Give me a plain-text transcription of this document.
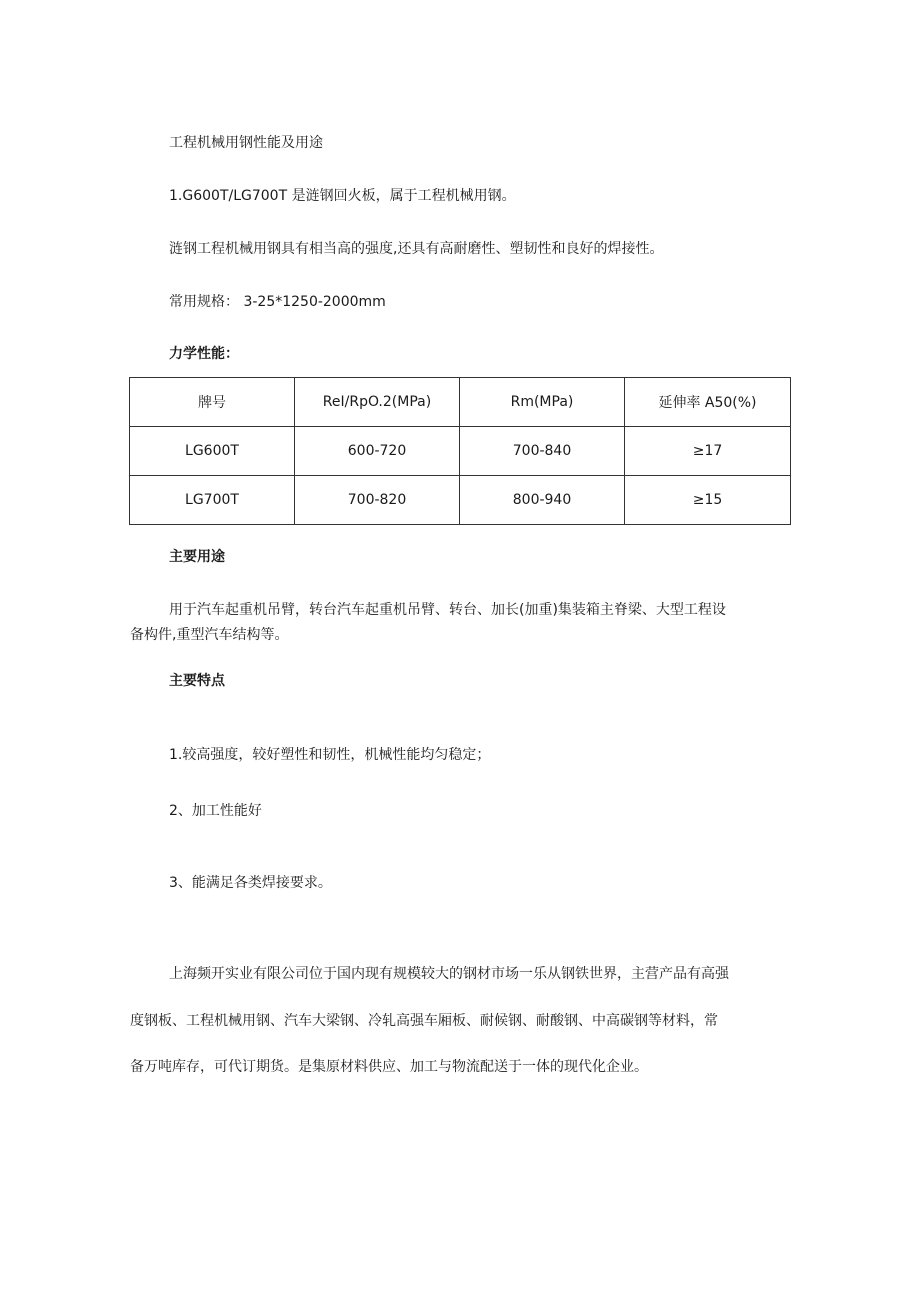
工程机械用钢性能及用途
1.G600T/LG700T 是涟钢回火板，属于工程机械用钢。
涟钢工程机械用钢具有相当高的强度,还具有高耐磨性、塑韧性和良好的焊接性。
常用规格： 3-25*1250-2000mm
力学性能：
牌号	ReI/RpO.2(MPa)	Rm(MPa)	延伸率 A50(%)
LG600T	600-720	700-840	≥17
LG700T	700-820	800-940	≥15
主要用途
用于汽车起重机吊臂，转台汽车起重机吊臂、转台、加长(加重)集装箱主脊梁、大型工程设
备构件,重型汽车结构等。
主要特点
1.较高强度，较好塑性和韧性，机械性能均匀稳定；
2、加工性能好
3、能满足各类焊接要求。
上海频开实业有限公司位于国内现有规模较大的钢材市场一乐从钢铁世界，主营产品有高强
度钢板、工程机械用钢、汽车大梁钢、冷轧高强车厢板、耐候钢、耐酸钢、中高碳钢等材料，常
备万吨库存，可代订期货。是集原材料供应、加工与物流配送于一体的现代化企业。
